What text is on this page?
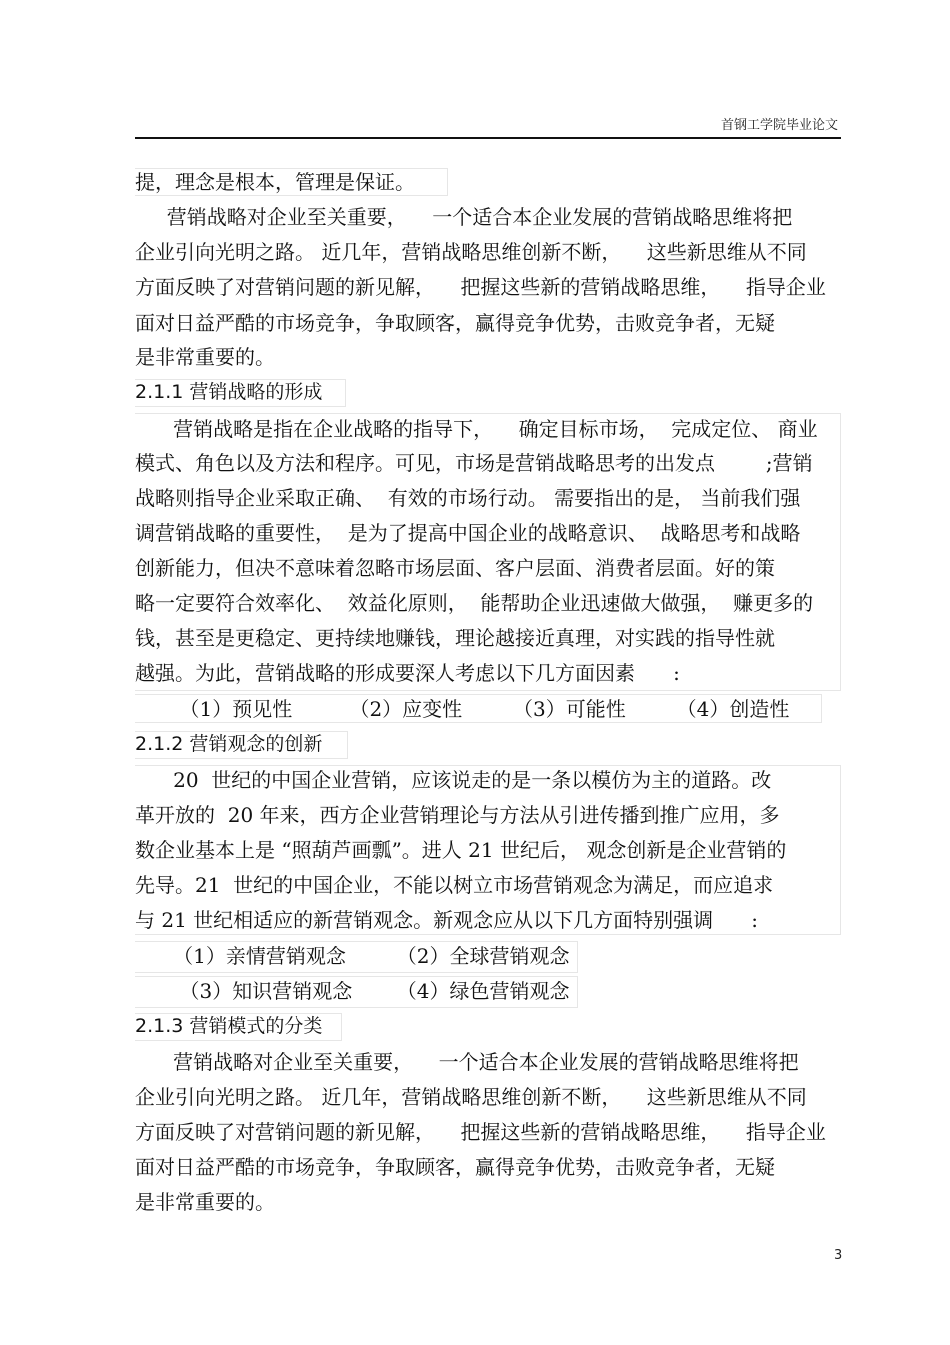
首钢工学院毕业论文
提，理念是根本，管理是保证。
营销战略对企业至关重要，    一个适合本企业发展的营销战略思维将把
企业引向光明之路。 近几年，营销战略思维创新不断，    这些新思维从不同
方面反映了对营销问题的新见解，    把握这些新的营销战略思维，    指导企业
面对日益严酷的市场竞争，争取顾客，赢得竞争优势，击败竞争者，无疑
是非常重要的。
2.1.1 营销战略的形成
营销战略是指在企业战略的指导下，    确定目标市场，  完成定位、 商业
模式、角色以及方法和程序。可见，市场是营销战略思考的出发点        ;营销
战略则指导企业采取正确、  有效的市场行动。 需要指出的是， 当前我们强
调营销战略的重要性，  是为了提高中国企业的战略意识、  战略思考和战略
创新能力，但决不意味着忽略市场层面、客户层面、消费者层面。好的策
略一定要符合效率化、  效益化原则，  能帮助企业迅速做大做强，  赚更多的
钱，甚至是更稳定、更持续地赚钱，理论越接近真理，对实践的指导性就
越强。为此，营销战略的形成要深人考虑以下几方面因素      :
（1）预见性         （2）应变性        （3）可能性        （4）创造性
2.1.2 营销观念的创新
20  世纪的中国企业营销，应该说走的是一条以模仿为主的道路。改
革开放的  20 年来，西方企业营销理论与方法从引进传播到推广应用，多
数企业基本上是 “照葫芦画瓢”。进人 21 世纪后， 观念创新是企业营销的
先导。21  世纪的中国企业，不能以树立市场营销观念为满足，而应追求
与 21 世纪相适应的新营销观念。新观念应从以下几方面特别强调      :
（1）亲情营销观念        （2）全球营销观念
（3）知识营销观念       （4）绿色营销观念
2.1.3 营销模式的分类
营销战略对企业至关重要，    一个适合本企业发展的营销战略思维将把
企业引向光明之路。 近几年，营销战略思维创新不断，    这些新思维从不同
方面反映了对营销问题的新见解，    把握这些新的营销战略思维，    指导企业
面对日益严酷的市场竞争，争取顾客，赢得竞争优势，击败竞争者，无疑
是非常重要的。
3
